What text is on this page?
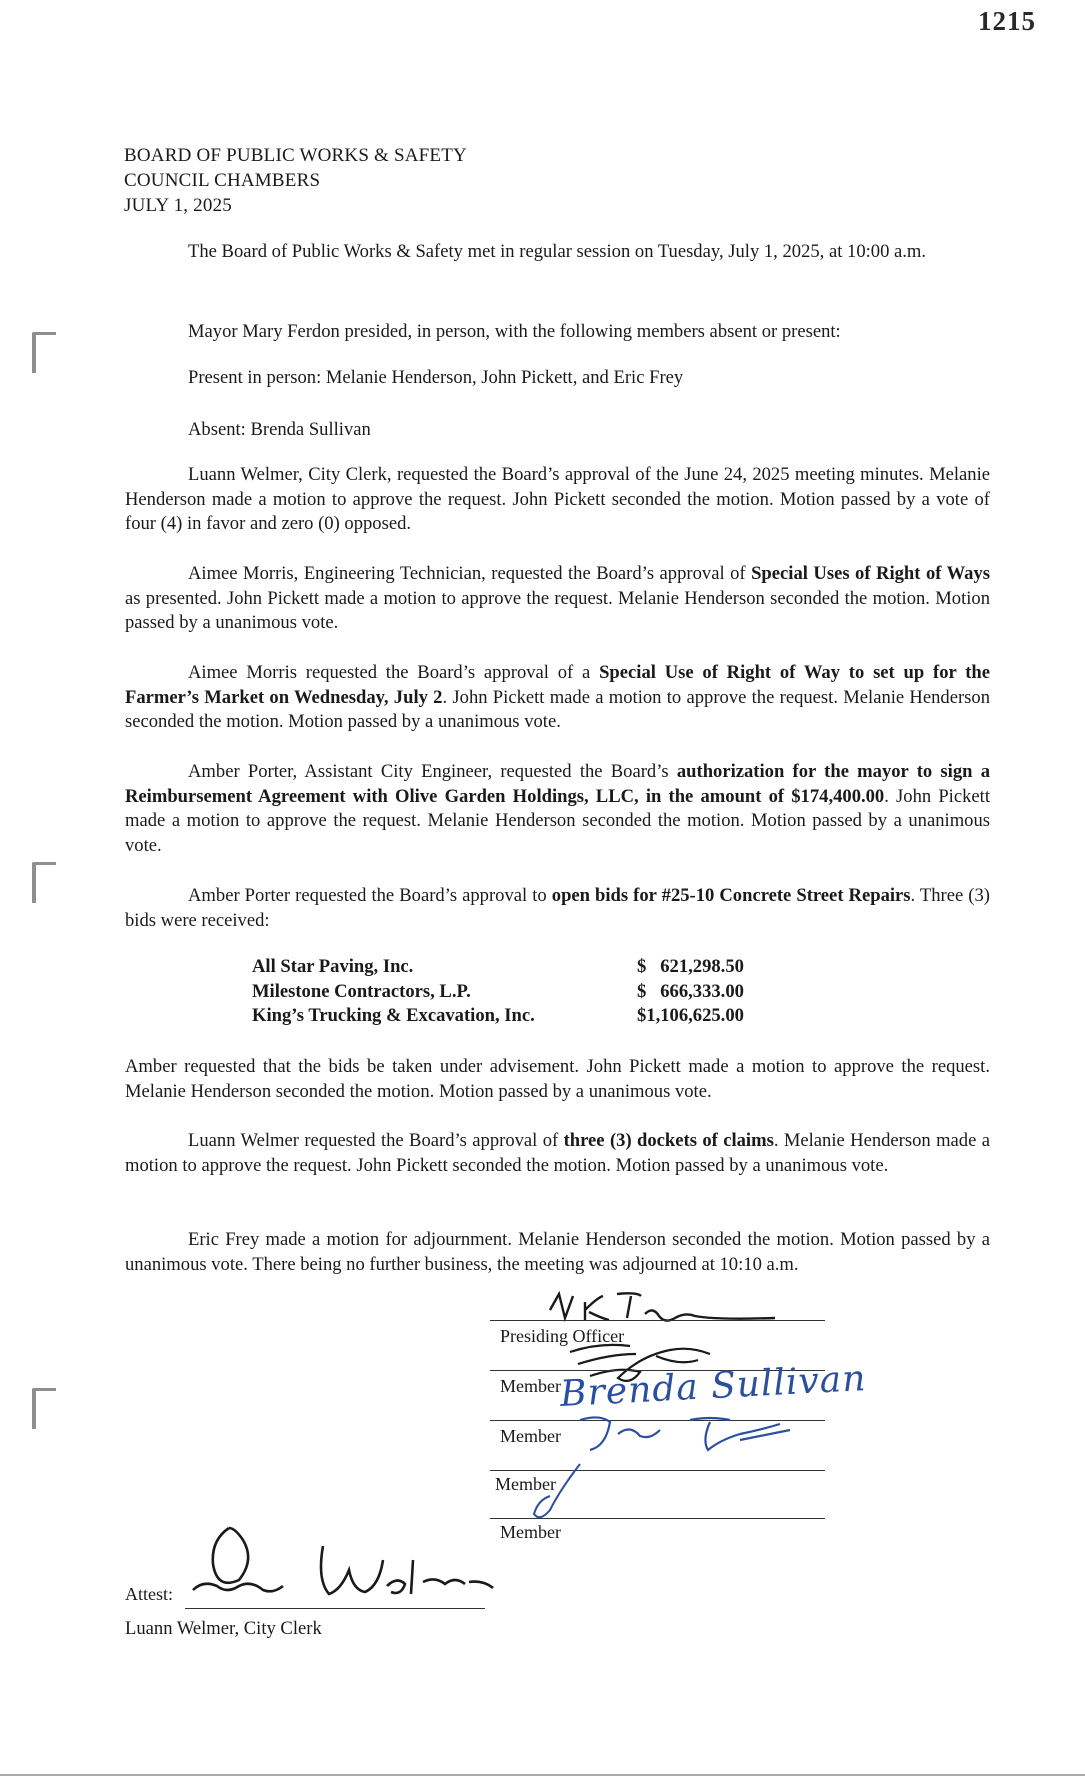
1215
BOARD OF PUBLIC WORKS & SAFETY
COUNCIL CHAMBERS
JULY 1, 2025
The Board of Public Works & Safety met in regular session on Tuesday, July 1, 2025, at 10:00 a.m.
Mayor Mary Ferdon presided, in person, with the following members absent or present:
Present in person: Melanie Henderson, John Pickett, and Eric Frey
Absent: Brenda Sullivan
Luann Welmer, City Clerk, requested the Board’s approval of the June 24, 2025 meeting minutes. Melanie Henderson made a motion to approve the request. John Pickett seconded the motion. Motion passed by a vote of four (4) in favor and zero (0) opposed.
Aimee Morris, Engineering Technician, requested the Board’s approval of Special Uses of Right of Ways as presented. John Pickett made a motion to approve the request. Melanie Henderson seconded the motion. Motion passed by a unanimous vote.
Aimee Morris requested the Board’s approval of a Special Use of Right of Way to set up for the Farmer’s Market on Wednesday, July 2. John Pickett made a motion to approve the request. Melanie Henderson seconded the motion. Motion passed by a unanimous vote.
Amber Porter, Assistant City Engineer, requested the Board’s authorization for the mayor to sign a Reimbursement Agreement with Olive Garden Holdings, LLC, in the amount of $174,400.00. John Pickett made a motion to approve the request. Melanie Henderson seconded the motion. Motion passed by a unanimous vote.
Amber Porter requested the Board’s approval to open bids for #25-10 Concrete Street Repairs. Three (3) bids were received:
All Star Paving, Inc.	$   621,298.50
Milestone Contractors, L.P.	$   666,333.00
King’s Trucking & Excavation, Inc.	$1,106,625.00
Amber requested that the bids be taken under advisement. John Pickett made a motion to approve the request. Melanie Henderson seconded the motion. Motion passed by a unanimous vote.
Luann Welmer requested the Board’s approval of three (3) dockets of claims. Melanie Henderson made a motion to approve the request. John Pickett seconded the motion. Motion passed by a unanimous vote.
Eric Frey made a motion for adjournment. Melanie Henderson seconded the motion. Motion passed by a unanimous vote. There being no further business, the meeting was adjourned at 10:10 a.m.
Presiding Officer
Member
Brenda Sullivan
Member
Member
Member
Attest:
Luann Welmer, City Clerk
